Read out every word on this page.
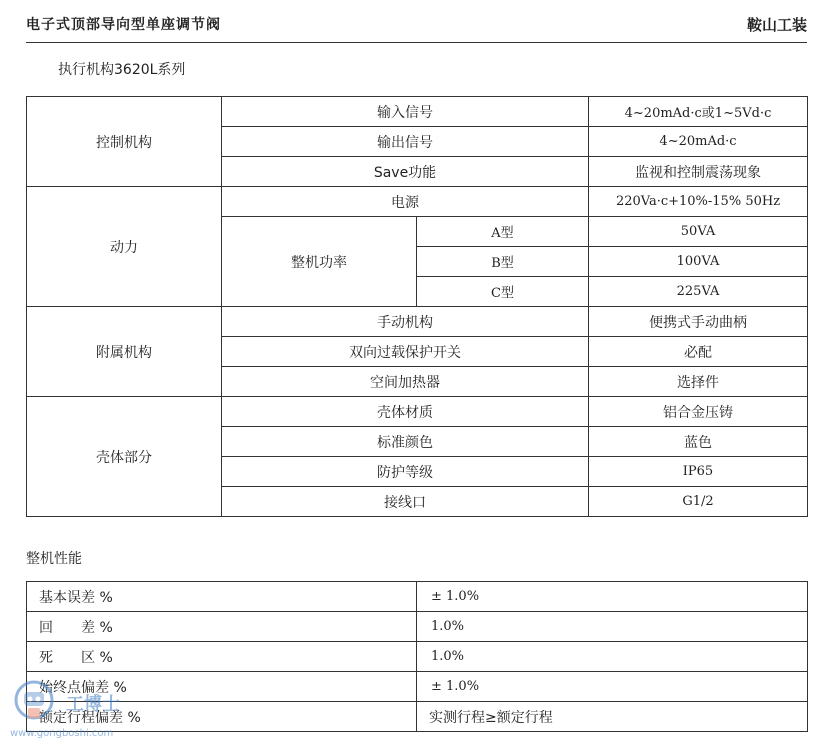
电子式顶部导向型单座调节阀	鞍山工装
执行机构3620L系列
控制机构	输入信号		4~20mAd·c或1~5Vd·c
	输出信号		4~20mAd·c
	Save功能		监视和控制震荡现象
动力	电源		220Va·c+10%-15% 50Hz
	整机功率	A型	50VA
		B型	100VA
		C型	225VA
附属机构	手动机构		便携式手动曲柄
	双向过载保护开关		必配
	空间加热器		选择件
壳体部分	壳体材质		铝合金压铸
	标准颜色		蓝色
	防护等级		IP65
	接线口		G1/2
整机性能
基本误差 %	± 1.0%
回　　差 %	1.0%
死　　区 %	1.0%
始终点偏差 %	± 1.0%
额定行程偏差 %	实测行程≥额定行程
工博士
www.gongboshi.com
